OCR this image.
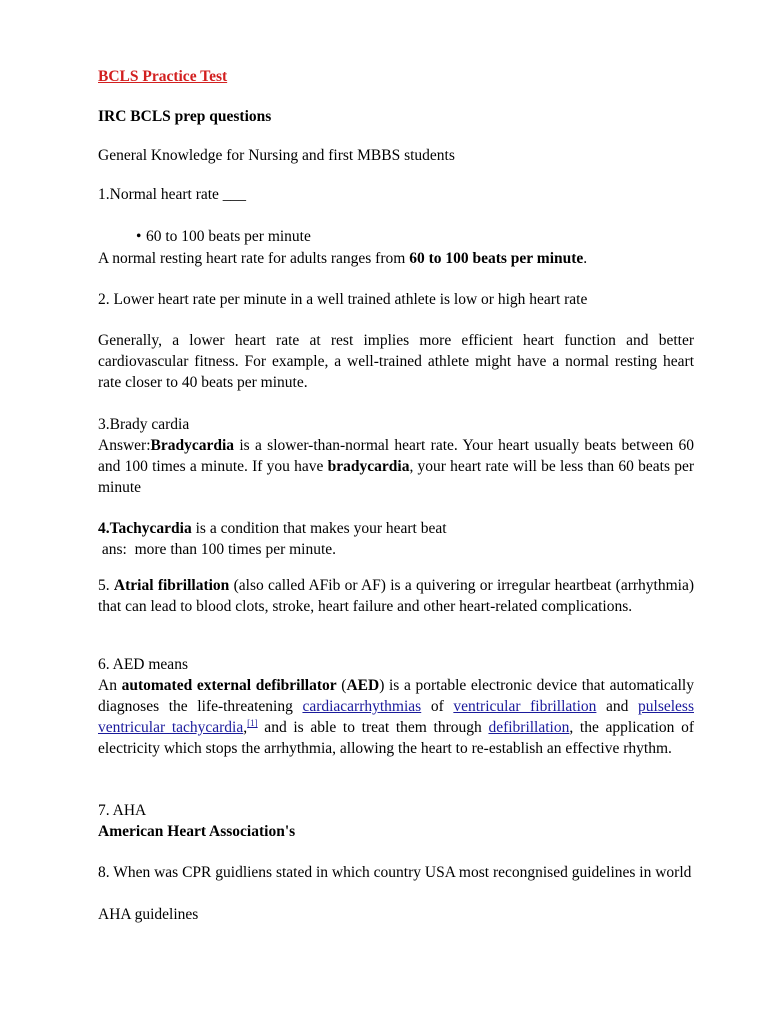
BCLS Practice Test

IRC BCLS prep questions

General Knowledge for Nursing and first MBBS students

1.Normal heart rate ___

• 60 to 100 beats per minute

A normal resting heart rate for adults ranges from 60 to 100 beats per minute.

2. Lower heart rate per minute in a well trained athlete is low or high heart rate

Generally, a lower heart rate at rest implies more efficient heart function and better cardiovascular fitness. For example, a well-trained athlete might have a normal resting heart rate closer to 40 beats per minute.

3.Brady cardia

Answer:Bradycardia is a slower-than-normal heart rate. Your heart usually beats between 60 and 100 times a minute. If you have bradycardia, your heart rate will be less than 60 beats per minute

4.Tachycardia is a condition that makes your heart beat

ans:  more than 100 times per minute.

5. Atrial fibrillation (also called AFib or AF) is a quivering or irregular heartbeat (arrhythmia) that can lead to blood clots, stroke, heart failure and other heart-related complications.

6. AED means

An automated external defibrillator (AED) is a portable electronic device that automatically diagnoses the life-threatening cardiacarrhythmias of ventricular fibrillation and pulseless ventricular tachycardia,[1] and is able to treat them through defibrillation, the application of electricity which stops the arrhythmia, allowing the heart to re-establish an effective rhythm.

7. AHA

American Heart Association's

8. When was CPR guidliens stated in which country USA most recongnised guidelines in world

AHA guidelines
